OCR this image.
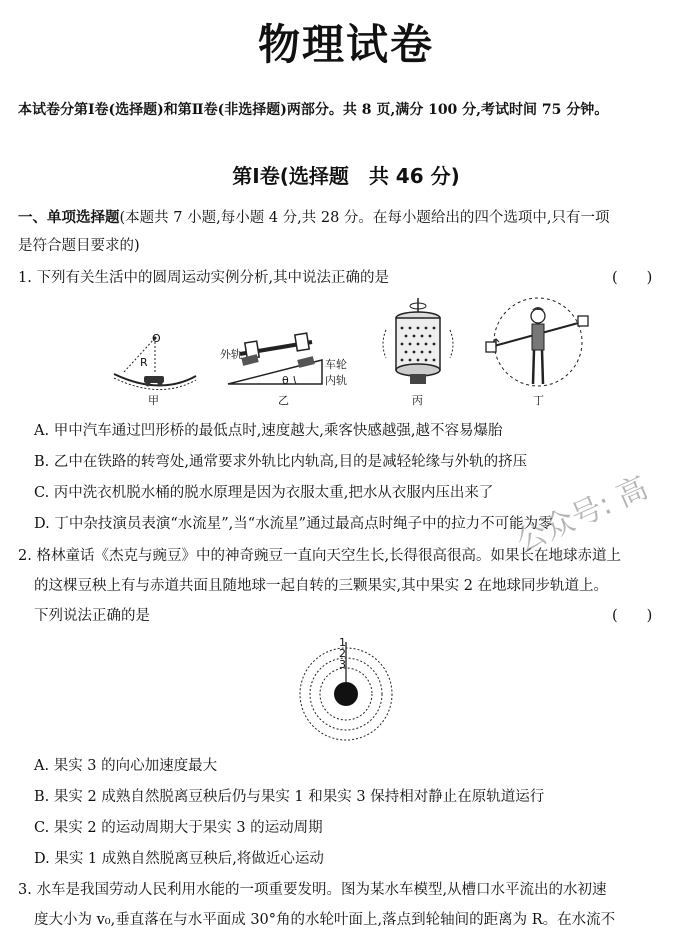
物理试卷
本试卷分第Ⅰ卷(选择题)和第Ⅱ卷(非选择题)两部分。共 8 页,满分 100 分,考试时间 75 分钟。
第Ⅰ卷(选择题　共 46 分)
一、单项选择题(本题共 7 小题,每小题 4 分,共 28 分。在每小题给出的四个选项中,只有一项
是符合题目要求的)
1. 下列有关生活中的圆周运动实例分析,其中说法正确的是	(　　)
O
R
外轨
车轮
内轨
θ
甲	乙	丙	丁
A. 甲中汽车通过凹形桥的最低点时,速度越大,乘客快感越强,越不容易爆胎
B. 乙中在铁路的转弯处,通常要求外轨比内轨高,目的是减轻轮缘与外轨的挤压
C. 丙中洗衣机脱水桶的脱水原理是因为衣服太重,把水从衣服内压出来了
D. 丁中杂技演员表演“水流星”,当“水流星”通过最高点时绳子中的拉力不可能为零
2. 格林童话《杰克与豌豆》中的神奇豌豆一直向天空生长,长得很高很高。如果长在地球赤道上
的这棵豆秧上有与赤道共面且随地球一起自转的三颗果实,其中果实 2 在地球同步轨道上。
下列说法正确的是	(　　)
1
2
3
A. 果实 3 的向心加速度最大
B. 果实 2 成熟自然脱离豆秧后仍与果实 1 和果实 3 保持相对静止在原轨道运行
C. 果实 2 的运动周期大于果实 3 的运动周期
D. 果实 1 成熟自然脱离豆秧后,将做近心运动
3. 水车是我国劳动人民利用水能的一项重要发明。图为某水车模型,从槽口水平流出的水初速
度大小为 v₀,垂直落在与水平面成 30°角的水轮叶面上,落点到轮轴间的距离为 R。在水流不
公众号: 高
